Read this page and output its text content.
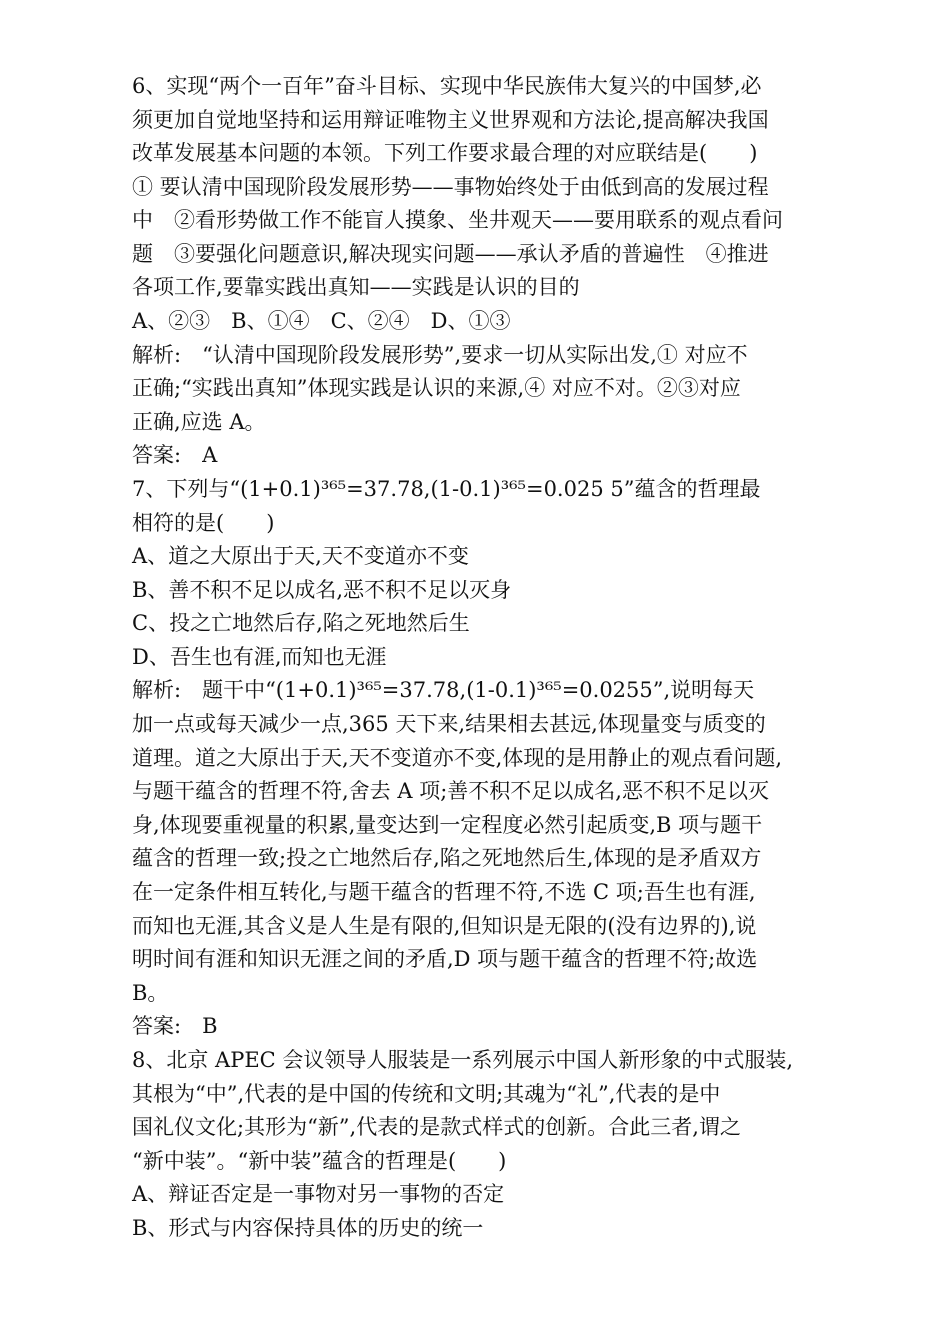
6、实现“两个一百年”奋斗目标、实现中华民族伟大复兴的中国梦,必
须更加自觉地坚持和运用辩证唯物主义世界观和方法论,提高解决我国
改革发展基本问题的本领。下列工作要求最合理的对应联结是(　　)
① 要认清中国现阶段发展形势——事物始终处于由低到高的发展过程
中　②看形势做工作不能盲人摸象、坐井观天——要用联系的观点看问
题　③要强化问题意识,解决现实问题——承认矛盾的普遍性　④推进
各项工作,要靠实践出真知——实践是认识的目的
A、②③　B、①④　C、②④　D、①③
解析:　“认清中国现阶段发展形势”,要求一切从实际出发,① 对应不
正确;“实践出真知”体现实践是认识的来源,④ 对应不对。②③对应
正确,应选 A。
答案:　A
7、下列与“(1+0.1)³⁶⁵=37.78,(1-0.1)³⁶⁵=0.025 5”蕴含的哲理最
相符的是(　　)
A、道之大原出于天,天不变道亦不变
B、善不积不足以成名,恶不积不足以灭身
C、投之亡地然后存,陷之死地然后生
D、吾生也有涯,而知也无涯
解析:　题干中“(1+0.1)³⁶⁵=37.78,(1-0.1)³⁶⁵=0.0255”,说明每天
加一点或每天减少一点,365 天下来,结果相去甚远,体现量变与质变的
道理。道之大原出于天,天不变道亦不变,体现的是用静止的观点看问题,
与题干蕴含的哲理不符,舍去 A 项;善不积不足以成名,恶不积不足以灭
身,体现要重视量的积累,量变达到一定程度必然引起质变,B 项与题干
蕴含的哲理一致;投之亡地然后存,陷之死地然后生,体现的是矛盾双方
在一定条件相互转化,与题干蕴含的哲理不符,不选 C 项;吾生也有涯,
而知也无涯,其含义是人生是有限的,但知识是无限的(没有边界的),说
明时间有涯和知识无涯之间的矛盾,D 项与题干蕴含的哲理不符;故选
B。
答案:　B
8、北京 APEC 会议领导人服装是一系列展示中国人新形象的中式服装,
其根为“中”,代表的是中国的传统和文明;其魂为“礼”,代表的是中
国礼仪文化;其形为“新”,代表的是款式样式的创新。合此三者,谓之
“新中装”。“新中装”蕴含的哲理是(　　)
A、辩证否定是一事物对另一事物的否定
B、形式与内容保持具体的历史的统一
